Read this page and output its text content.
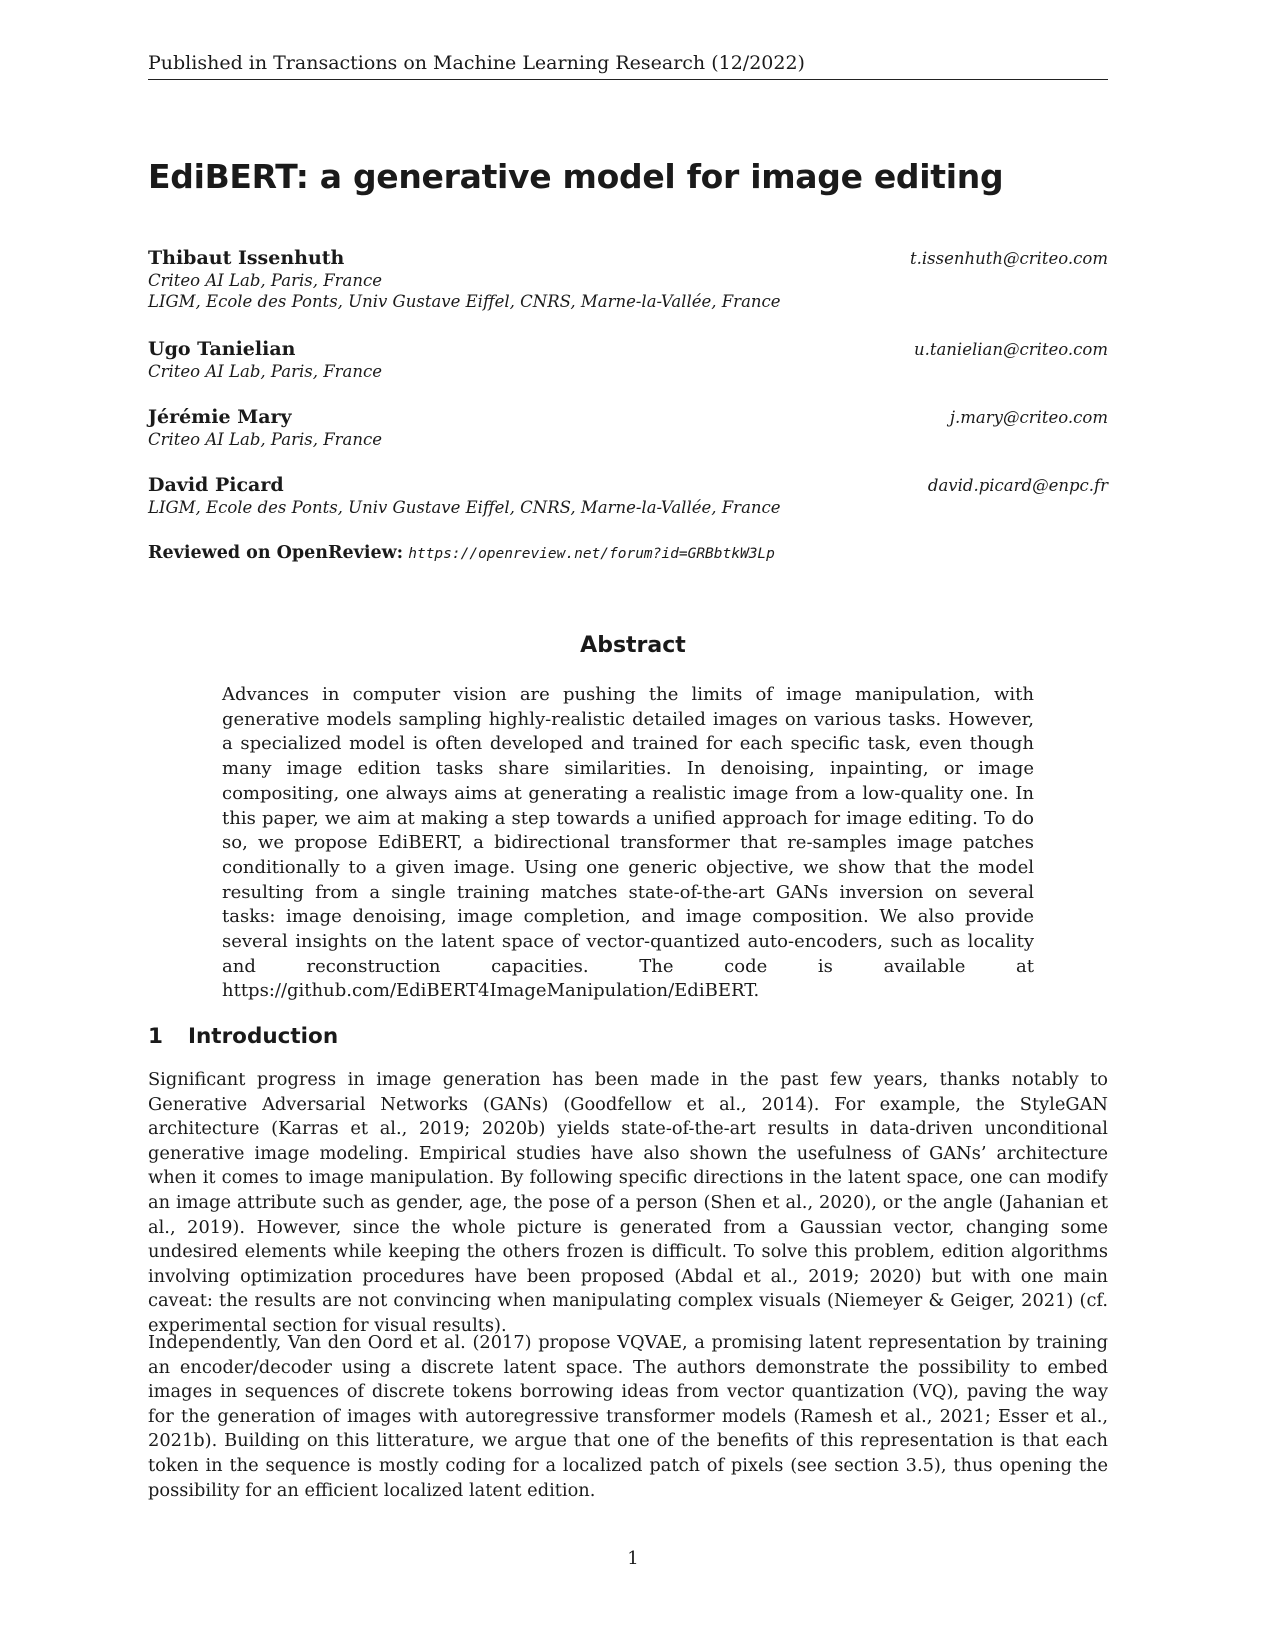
Published in Transactions on Machine Learning Research (12/2022)
EdiBERT: a generative model for image editing
Thibaut Issenhuth	t.issenhuth@criteo.com
Criteo AI Lab, Paris, France
LIGM, Ecole des Ponts, Univ Gustave Eiffel, CNRS, Marne-la-Vallée, France
Ugo Tanielian	u.tanielian@criteo.com
Criteo AI Lab, Paris, France
Jérémie Mary	j.mary@criteo.com
Criteo AI Lab, Paris, France
David Picard	david.picard@enpc.fr
LIGM, Ecole des Ponts, Univ Gustave Eiffel, CNRS, Marne-la-Vallée, France
Reviewed on OpenReview: https://openreview.net/forum?id=GRBbtkW3Lp
Abstract
Advances in computer vision are pushing the limits of image manipulation, with generative models sampling highly-realistic detailed images on various tasks. However, a specialized model is often developed and trained for each specific task, even though many image edition tasks share similarities. In denoising, inpainting, or image compositing, one always aims at generating a realistic image from a low-quality one. In this paper, we aim at making a step towards a unified approach for image editing. To do so, we propose EdiBERT, a bidirectional transformer that re-samples image patches conditionally to a given image. Using one generic objective, we show that the model resulting from a single training matches state-of-the-art GANs inversion on several tasks: image denoising, image completion, and image composition. We also provide several insights on the latent space of vector-quantized auto-encoders, such as locality and reconstruction capacities. The code is available at https://github.com/EdiBERT4ImageManipulation/EdiBERT.
1 Introduction
Significant progress in image generation has been made in the past few years, thanks notably to Generative Adversarial Networks (GANs) (Goodfellow et al., 2014). For example, the StyleGAN architecture (Karras et al., 2019; 2020b) yields state-of-the-art results in data-driven unconditional generative image modeling. Empirical studies have also shown the usefulness of GANs’ architecture when it comes to image manipulation. By following specific directions in the latent space, one can modify an image attribute such as gender, age, the pose of a person (Shen et al., 2020), or the angle (Jahanian et al., 2019). However, since the whole picture is generated from a Gaussian vector, changing some undesired elements while keeping the others frozen is difficult. To solve this problem, edition algorithms involving optimization procedures have been proposed (Abdal et al., 2019; 2020) but with one main caveat: the results are not convincing when manipulating complex visuals (Niemeyer & Geiger, 2021) (cf. experimental section for visual results).
Independently, Van den Oord et al. (2017) propose VQVAE, a promising latent representation by training an encoder/decoder using a discrete latent space. The authors demonstrate the possibility to embed images in sequences of discrete tokens borrowing ideas from vector quantization (VQ), paving the way for the generation of images with autoregressive transformer models (Ramesh et al., 2021; Esser et al., 2021b). Building on this litterature, we argue that one of the benefits of this representation is that each token in the sequence is mostly coding for a localized patch of pixels (see section 3.5), thus opening the possibility for an efficient localized latent edition.
1
